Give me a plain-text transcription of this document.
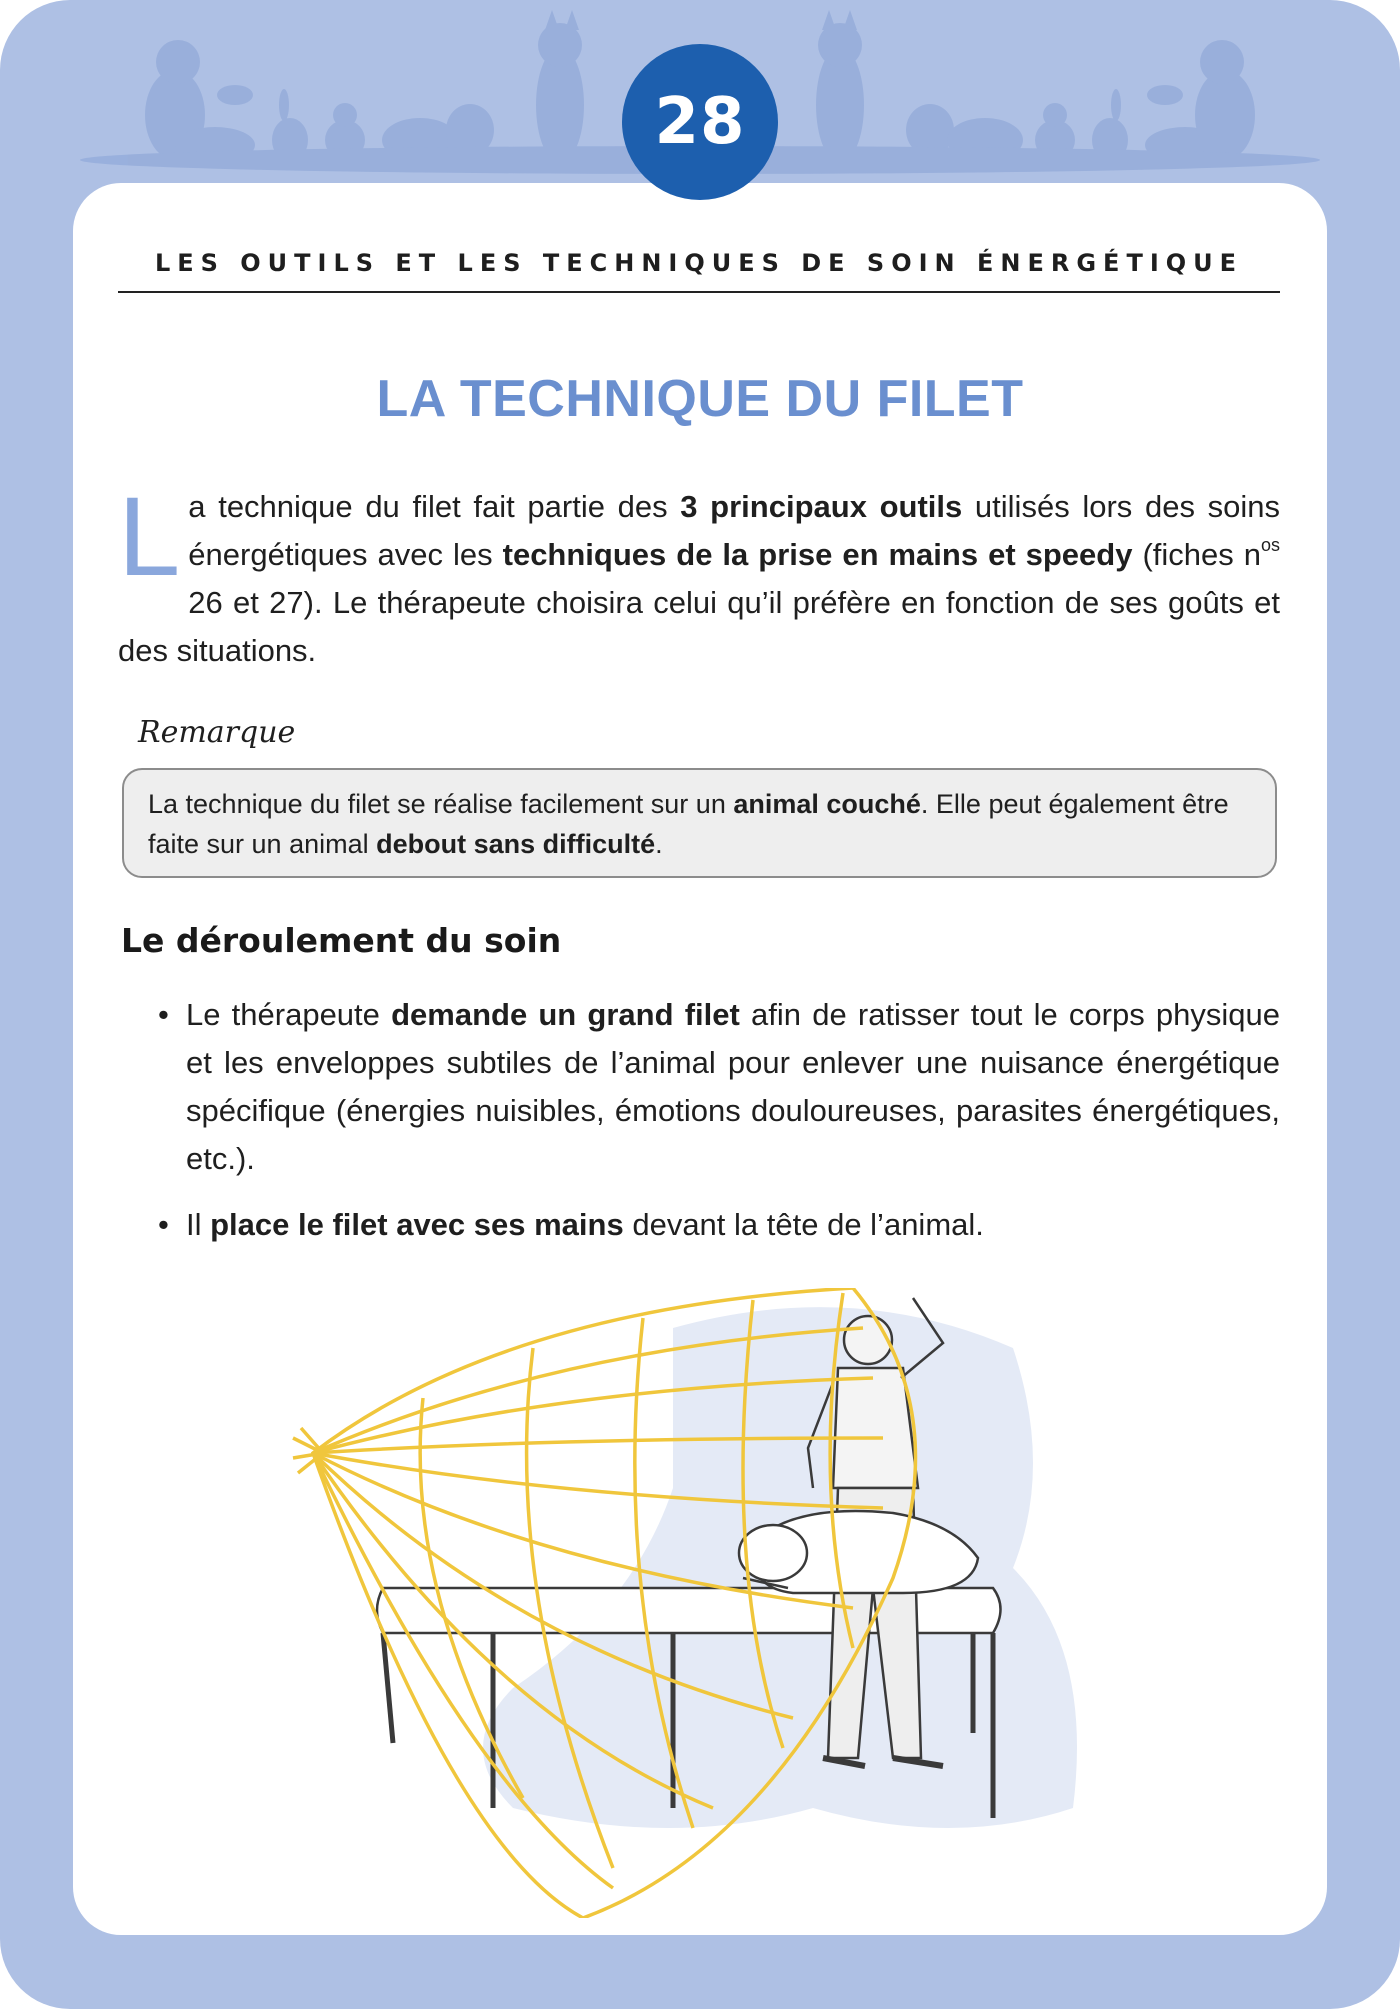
28
LES OUTILS ET LES TECHNIQUES DE SOIN ÉNERGÉTIQUE
LA TECHNIQUE DU FILET

La technique du filet fait partie des 3 principaux outils utilisés lors des soins énergétiques avec les techniques de la prise en mains et speedy (fiches $n^{os}$ 26 et 27). Le thérapeute choisira celui qu’il préfère en fonction de ses goûts et des situations.

Remarque

La technique du filet se réalise facilement sur un animal couché. Elle peut également être faite sur un animal debout sans difficulté.

Le déroulement du soin
• Le thérapeute demande un grand filet afin de ratisser tout le corps physique et les enveloppes subtiles de l’animal pour enlever une nuisance énergétique spécifique (énergies nuisibles, émotions douloureuses, parasites énergétiques, etc.).
• Il place le filet avec ses mains devant la tête de l’animal.
